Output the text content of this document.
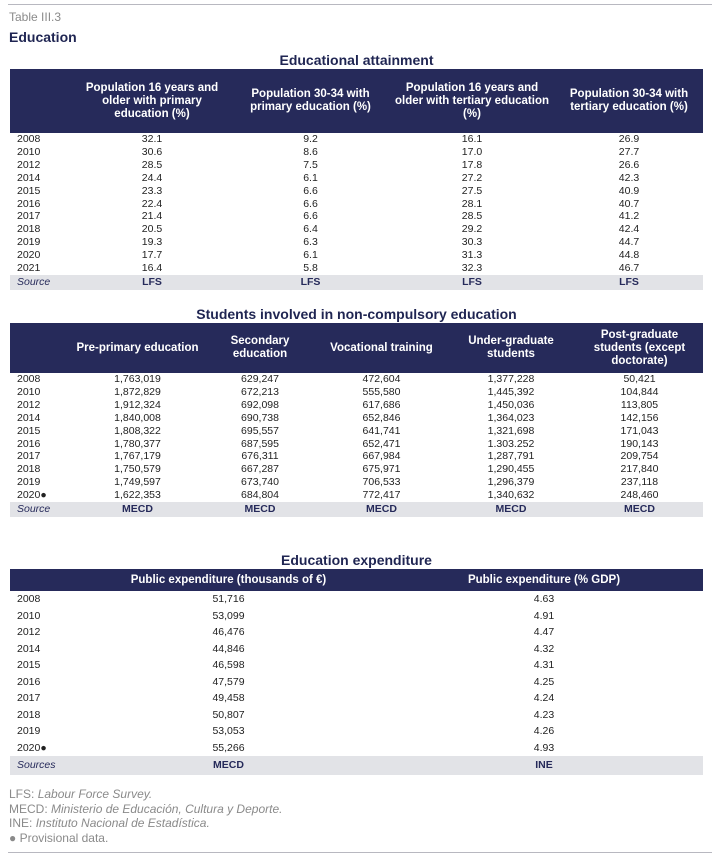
Table III.3
Education
Educational attainment
	Population 16 years and older with primary education (%)	Population 30-34 with primary education (%)	Population 16 years and older with tertiary education (%)	Population 30-34 with tertiary education (%)
2008	32.1	9.2	16.1	26.9
2010	30.6	8.6	17.0	27.7
2012	28.5	7.5	17.8	26.6
2014	24.4	6.1	27.2	42.3
2015	23.3	6.6	27.5	40.9
2016	22.4	6.6	28.1	40.7
2017	21.4	6.6	28.5	41.2
2018	20.5	6.4	29.2	42.4
2019	19.3	6.3	30.3	44.7
2020	17.7	6.1	31.3	44.8
2021	16.4	5.8	32.3	46.7
Source	LFS	LFS	LFS	LFS
Students involved in non-compulsory education
	Pre-primary education	Secondary education	Vocational training	Under-graduate students	Post-graduate students (except doctorate)
2008	1,763,019	629,247	472,604	1,377,228	50,421
2010	1,872,829	672,213	555,580	1,445,392	104,844
2012	1,912,324	692,098	617,686	1,450,036	113,805
2014	1,840,008	690,738	652,846	1,364,023	142,156
2015	1,808,322	695,557	641,741	1,321,698	171,043
2016	1,780,377	687,595	652,471	1.303.252	190,143
2017	1,767,179	676,311	667,984	1,287,791	209,754
2018	1,750,579	667,287	675,971	1,290,455	217,840
2019	1,749,597	673,740	706,533	1,296,379	237,118
2020●	1,622,353	684,804	772,417	1,340,632	248,460
Source	MECD	MECD	MECD	MECD	MECD
Education expenditure
	Public expenditure (thousands of €)	Public expenditure (% GDP)
2008	51,716	4.63
2010	53,099	4.91
2012	46,476	4.47
2014	44,846	4.32
2015	46,598	4.31
2016	47,579	4.25
2017	49,458	4.24
2018	50,807	4.23
2019	53,053	4.26
2020●	55,266	4.93
Sources	MECD	INE
LFS: Labour Force Survey.
MECD: Ministerio de Educación, Cultura y Deporte.
INE: Instituto Nacional de Estadística.
● Provisional data.
